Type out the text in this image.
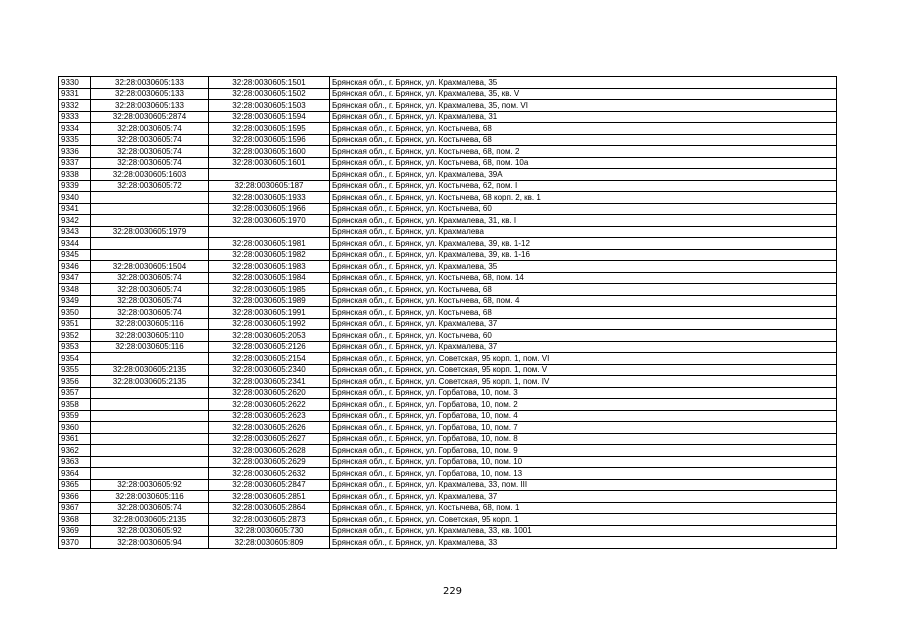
9330	32:28:0030605:133	32:28:0030605:1501	Брянская обл., г. Брянск, ул. Крахмалева, 35
9331	32:28:0030605:133	32:28:0030605:1502	Брянская обл., г. Брянск, ул. Крахмалева, 35, кв. V
9332	32:28:0030605:133	32:28:0030605:1503	Брянская обл., г. Брянск, ул. Крахмалева, 35, пом. VI
9333	32:28:0030605:2874	32:28:0030605:1594	Брянская обл., г. Брянск, ул. Крахмалева, 31
9334	32:28:0030605:74	32:28:0030605:1595	Брянская обл., г. Брянск, ул. Костычева, 68
9335	32:28:0030605:74	32:28:0030605:1596	Брянская обл., г. Брянск, ул. Костычева, 68
9336	32:28:0030605:74	32:28:0030605:1600	Брянская обл., г. Брянск, ул. Костычева, 68, пом. 2
9337	32:28:0030605:74	32:28:0030605:1601	Брянская обл., г. Брянск, ул. Костычева, 68, пом. 10а
9338	32:28:0030605:1603		Брянская обл., г. Брянск, ул. Крахмалева, 39А
9339	32:28:0030605:72	32:28:0030605:187	Брянская обл., г. Брянск, ул. Костычева, 62, пом. I
9340		32:28:0030605:1933	Брянская обл., г. Брянск, ул. Костычева, 68 корп. 2, кв. 1
9341		32:28:0030605:1966	Брянская обл., г. Брянск, ул. Костычева, 60
9342		32:28:0030605:1970	Брянская обл., г. Брянск, ул. Крахмалева, 31, кв. I
9343	32:28:0030605:1979		Брянская обл., г. Брянск, ул. Крахмалева
9344		32:28:0030605:1981	Брянская обл., г. Брянск, ул. Крахмалева, 39, кв. 1-12
9345		32:28:0030605:1982	Брянская обл., г. Брянск, ул. Крахмалева, 39, кв. 1-16
9346	32:28:0030605:1504	32:28:0030605:1983	Брянская обл., г. Брянск, ул. Крахмалева, 35
9347	32:28:0030605:74	32:28:0030605:1984	Брянская обл., г. Брянск, ул. Костычева, 68, пом. 14
9348	32:28:0030605:74	32:28:0030605:1985	Брянская обл., г. Брянск, ул. Костычева, 68
9349	32:28:0030605:74	32:28:0030605:1989	Брянская обл., г. Брянск, ул. Костычева, 68, пом. 4
9350	32:28:0030605:74	32:28:0030605:1991	Брянская обл., г. Брянск, ул. Костычева, 68
9351	32:28:0030605:116	32:28:0030605:1992	Брянская обл., г. Брянск, ул. Крахмалева, 37
9352	32:28:0030605:110	32:28:0030605:2053	Брянская обл., г. Брянск, ул. Костычева, 60
9353	32:28:0030605:116	32:28:0030605:2126	Брянская обл., г. Брянск, ул. Крахмалева, 37
9354		32:28:0030605:2154	Брянская обл., г. Брянск, ул. Советская, 95 корп. 1, пом. VI
9355	32:28:0030605:2135	32:28:0030605:2340	Брянская обл., г. Брянск, ул. Советская, 95 корп. 1, пом. V
9356	32:28:0030605:2135	32:28:0030605:2341	Брянская обл., г. Брянск, ул. Советская, 95 корп. 1, пом. IV
9357		32:28:0030605:2620	Брянская обл., г. Брянск, ул. Горбатова, 10, пом. 3
9358		32:28:0030605:2622	Брянская обл., г. Брянск, ул. Горбатова, 10, пом. 2
9359		32:28:0030605:2623	Брянская обл., г. Брянск, ул. Горбатова, 10, пом. 4
9360		32:28:0030605:2626	Брянская обл., г. Брянск, ул. Горбатова, 10, пом. 7
9361		32:28:0030605:2627	Брянская обл., г. Брянск, ул. Горбатова, 10, пом. 8
9362		32:28:0030605:2628	Брянская обл., г. Брянск, ул. Горбатова, 10, пом. 9
9363		32:28:0030605:2629	Брянская обл., г. Брянск, ул. Горбатова, 10, пом. 10
9364		32:28:0030605:2632	Брянская обл., г. Брянск, ул. Горбатова, 10, пом. 13
9365	32:28:0030605:92	32:28:0030605:2847	Брянская обл., г. Брянск, ул. Крахмалева, 33, пом. III
9366	32:28:0030605:116	32:28:0030605:2851	Брянская обл., г. Брянск, ул. Крахмалева, 37
9367	32:28:0030605:74	32:28:0030605:2864	Брянская обл., г. Брянск, ул. Костычева, 68, пом. 1
9368	32:28:0030605:2135	32:28:0030605:2873	Брянская обл., г. Брянск, ул. Советская, 95 корп. 1
9369	32:28:0030605:92	32:28:0030605:730	Брянская обл., г. Брянск, ул. Крахмалева, 33, кв. 1001
9370	32:28:0030605:94	32:28:0030605:809	Брянская обл., г. Брянск, ул. Крахмалева, 33
229
